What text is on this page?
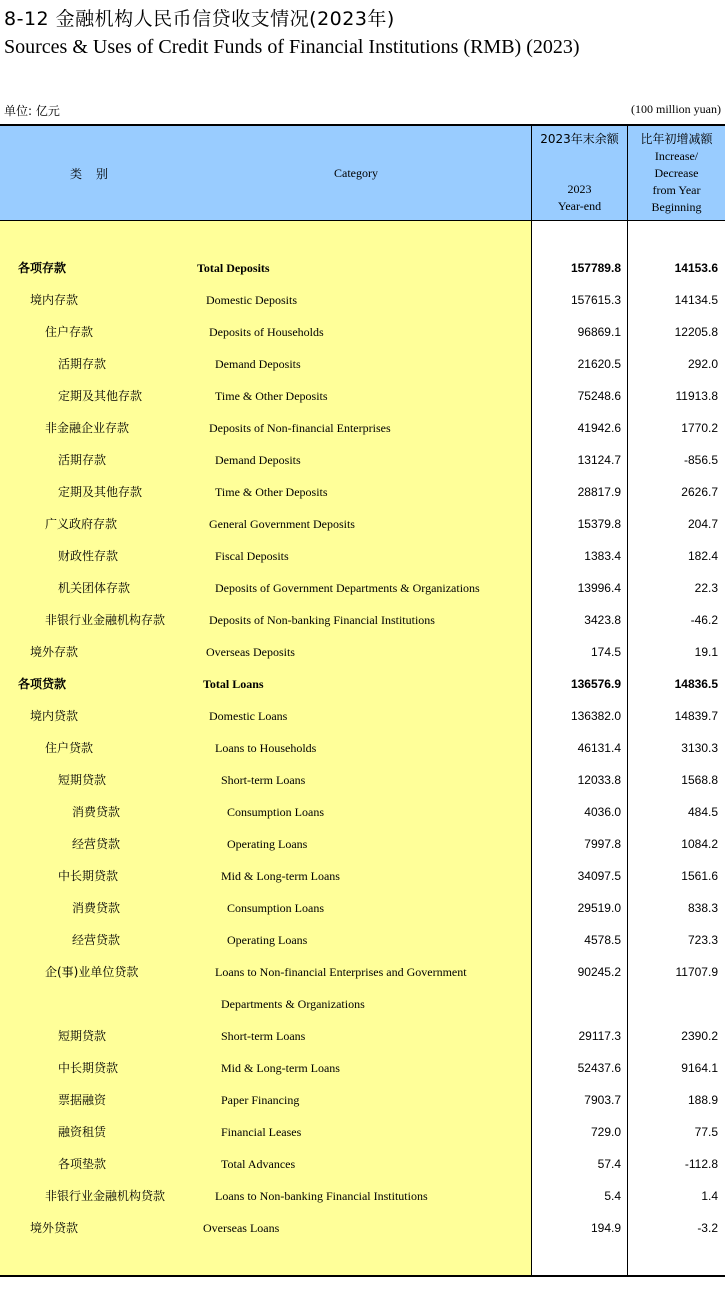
8-12 金融机构人民币信贷收支情况(2023年)
Sources & Uses of Credit Funds of Financial Institutions (RMB) (2023)
单位: 亿元	(100 million yuan)
类别	Category
2023年末余额
2023
Year-end
比年初增减额
Increase/
Decrease
from Year
Beginning
各项存款	Total Deposits	157789.8	14153.6
境内存款	Domestic Deposits	157615.3	14134.5
住户存款	Deposits of Households	96869.1	12205.8
活期存款	Demand Deposits	21620.5	292.0
定期及其他存款	Time & Other Deposits	75248.6	11913.8
非金融企业存款	Deposits of Non-financial Enterprises	41942.6	1770.2
活期存款	Demand Deposits	13124.7	-856.5
定期及其他存款	Time & Other Deposits	28817.9	2626.7
广义政府存款	General Government Deposits	15379.8	204.7
财政性存款	Fiscal Deposits	1383.4	182.4
机关团体存款	Deposits of Government Departments & Organizations	13996.4	22.3
非银行业金融机构存款	Deposits of Non-banking Financial Institutions	3423.8	-46.2
境外存款	Overseas Deposits	174.5	19.1
各项贷款	Total Loans	136576.9	14836.5
境内贷款	Domestic Loans	136382.0	14839.7
住户贷款	Loans to Households	46131.4	3130.3
短期贷款	Short-term Loans	12033.8	1568.8
消费贷款	Consumption Loans	4036.0	484.5
经营贷款	Operating Loans	7997.8	1084.2
中长期贷款	Mid & Long-term Loans	34097.5	1561.6
消费贷款	Consumption Loans	29519.0	838.3
经营贷款	Operating Loans	4578.5	723.3
企(事)业单位贷款	Loans to Non-financial Enterprises and Government	90245.2	11707.9
Departments & Organizations
短期贷款	Short-term Loans	29117.3	2390.2
中长期贷款	Mid & Long-term Loans	52437.6	9164.1
票据融资	Paper Financing	7903.7	188.9
融资租赁	Financial Leases	729.0	77.5
各项垫款	Total Advances	57.4	-112.8
非银行业金融机构贷款	Loans to Non-banking Financial Institutions	5.4	1.4
境外贷款	Overseas Loans	194.9	-3.2
